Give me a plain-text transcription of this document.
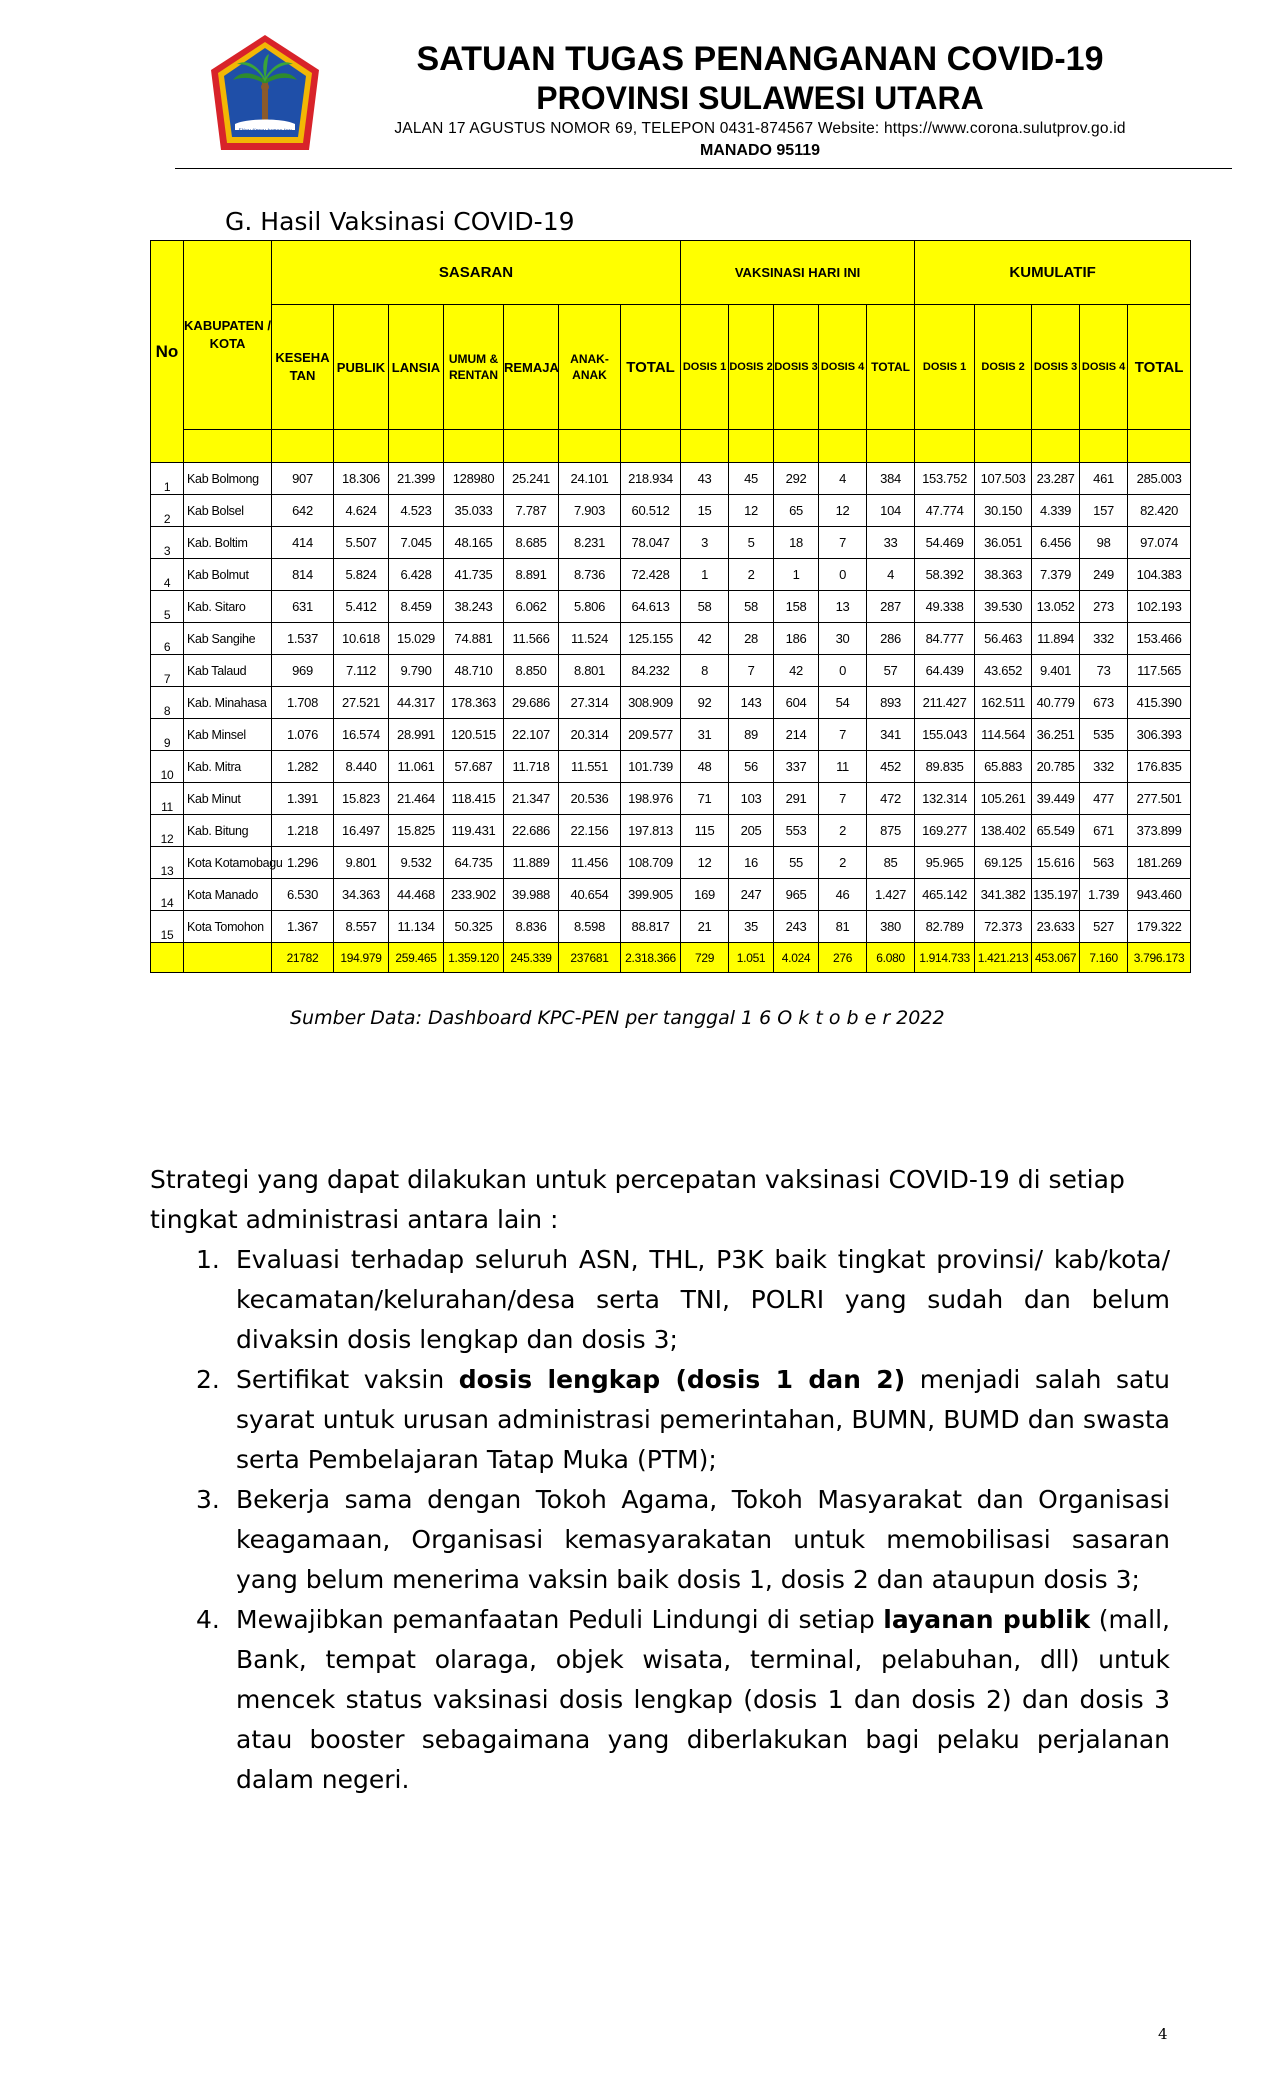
Sitou timou tumou tou
SATUAN TUGAS PENANGANAN COVID-19
PROVINSI SULAWESI UTARA
JALAN 17 AGUSTUS NOMOR 69, TELEPON 0431-874567 Website: https://www.corona.sulutprov.go.id
MANADO 95119
G. Hasil Vaksinasi COVID-19
No	KABUPATEN / KOTA	SASARAN							VAKSINASI HARI INI					KUMULATIF				
		KESEHATAN	PUBLIK	LANSIA	UMUM & RENTAN	REMAJA	ANAK-ANAK	TOTAL	DOSIS 1	DOSIS 2	DOSIS 3	DOSIS 4	TOTAL	DOSIS 1	DOSIS 2	DOSIS 3	DOSIS 4	TOTAL

1	Kab Bolmong	907	18.306	21.399	128980	25.241	24.101	218.934	43	45	292	4	384	153.752	107.503	23.287	461	285.003
2	Kab Bolsel	642	4.624	4.523	35.033	7.787	7.903	60.512	15	12	65	12	104	47.774	30.150	4.339	157	82.420
3	Kab. Boltim	414	5.507	7.045	48.165	8.685	8.231	78.047	3	5	18	7	33	54.469	36.051	6.456	98	97.074
4	Kab Bolmut	814	5.824	6.428	41.735	8.891	8.736	72.428	1	2	1	0	4	58.392	38.363	7.379	249	104.383
5	Kab. Sitaro	631	5.412	8.459	38.243	6.062	5.806	64.613	58	58	158	13	287	49.338	39.530	13.052	273	102.193
6	Kab Sangihe	1.537	10.618	15.029	74.881	11.566	11.524	125.155	42	28	186	30	286	84.777	56.463	11.894	332	153.466
7	Kab Talaud	969	7.112	9.790	48.710	8.850	8.801	84.232	8	7	42	0	57	64.439	43.652	9.401	73	117.565
8	Kab. Minahasa	1.708	27.521	44.317	178.363	29.686	27.314	308.909	92	143	604	54	893	211.427	162.511	40.779	673	415.390
9	Kab Minsel	1.076	16.574	28.991	120.515	22.107	20.314	209.577	31	89	214	7	341	155.043	114.564	36.251	535	306.393
10	Kab. Mitra	1.282	8.440	11.061	57.687	11.718	11.551	101.739	48	56	337	11	452	89.835	65.883	20.785	332	176.835
11	Kab Minut	1.391	15.823	21.464	118.415	21.347	20.536	198.976	71	103	291	7	472	132.314	105.261	39.449	477	277.501
12	Kab. Bitung	1.218	16.497	15.825	119.431	22.686	22.156	197.813	115	205	553	2	875	169.277	138.402	65.549	671	373.899
13	Kota Kotamobagu	1.296	9.801	9.532	64.735	11.889	11.456	108.709	12	16	55	2	85	95.965	69.125	15.616	563	181.269
14	Kota Manado	6.530	34.363	44.468	233.902	39.988	40.654	399.905	169	247	965	46	1.427	465.142	341.382	135.197	1.739	943.460
15	Kota Tomohon	1.367	8.557	11.134	50.325	8.836	8.598	88.817	21	35	243	81	380	82.789	72.373	23.633	527	179.322
		21782	194.979	259.465	1.359.120	245.339	237681	2.318.366	729	1.051	4.024	276	6.080	1.914.733	1.421.213	453.067	7.160	3.796.173
Sumber Data: Dashboard KPC-PEN per tanggal 1 6 O k t o b e r 2022

Strategi yang dapat dilakukan untuk percepatan vaksinasi COVID-19 di setiap tingkat administrasi antara lain :

1. Evaluasi terhadap seluruh ASN, THL, P3K baik tingkat provinsi/ kab/kota/ kecamatan/kelurahan/desa serta TNI, POLRI yang sudah dan belum divaksin dosis lengkap dan dosis 3;
2. Sertifikat vaksin dosis lengkap (dosis 1 dan 2) menjadi salah satu syarat untuk urusan administrasi pemerintahan, BUMN, BUMD dan swasta serta Pembelajaran Tatap Muka (PTM);
3. Bekerja sama dengan Tokoh Agama, Tokoh Masyarakat dan Organisasi keagamaan, Organisasi kemasyarakatan untuk memobilisasi sasaran yang belum menerima vaksin baik dosis 1, dosis 2 dan ataupun dosis 3;
4. Mewajibkan pemanfaatan Peduli Lindungi di setiap layanan publik (mall, Bank, tempat olaraga, objek wisata, terminal, pelabuhan, dll) untuk mencek status vaksinasi dosis lengkap (dosis 1 dan dosis 2) dan dosis 3 atau booster sebagaimana yang diberlakukan bagi pelaku perjalanan dalam negeri.
4
